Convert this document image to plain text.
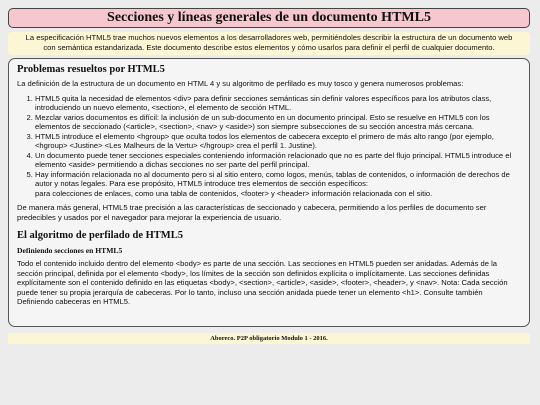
Secciones y líneas generales de un documento HTML5
La especificación HTML5 trae muchos nuevos elementos a los desarrolladores web, permitiéndoles describir la estructura de un documento web con semántica estandarizada. Este documento describe estos elementos y cómo usarlos para definir el perfil de cualquier documento.
Problemas resueltos por HTML5

La definición de la estructura de un documento en HTML 4 y su algoritmo de perfilado es muy tosco y genera numerosos problemas:

1. HTML5 quita la necesidad de elementos <div> para definir secciones semánticas sin definir valores específicos para los atributos class, introduciendo un nuevo elemento, <section>, el elemento de sección HTML.
2. Mezclar varios documentos es difícil: la inclusión de un sub-documento en un documento principal. Esto se resuelve en HTML5 con los elementos de seccionado (<article>, <section>, <nav> y <aside>) son siempre subsecciones de su sección ancestra más cercana.
3. HTML5 introduce el elemento <hgroup> que oculta todos los elementos de cabecera excepto el primero de más alto rango (por ejemplo, <hgroup> <Justine> <Les Malheurs de la Vertu> </hgroup> crea el perfil 1. Justine).
4. Un documento puede tener secciones especiales conteniendo información relacionado que no es parte del flujo principal. HTML5 introduce el elemento <aside> permitiendo a dichas secciones no ser parte del perfil principal.
5. Hay información relacionada no al documento pero si al sitio entero, como logos, menús, tablas de contenidos, o información de derechos de autor y notas legales. Para ese propósito, HTML5 introduce tres elementos de sección específicos:
para colecciones de enlaces, como una tabla de contenidos, <footer> y <header> información relacionada con el sitio.

De manera más general, HTML5 trae precisión a las características de seccionado y cabecera, permitiendo a los perfiles de documento ser predecibles y usados por el navegador para mejorar la experiencia de usuario.

El algoritmo de perfilado de HTML5
Definiendo secciones en HTML5

Todo el contenido incluido dentro del elemento <body> es parte de una sección. Las secciones en HTML5 pueden ser anidadas. Además de la sección principal, definida por el elemento <body>, los límites de la sección son definidos explícita o implícitamente. Las secciones definidas explícitamente son el contenido definido en las etiquetas <body>, <section>, <article>, <aside>, <footer>, <header>, y <nav>. Nota: Cada sección puede tener su propia jerarquía de cabeceras. Por lo tanto, incluso una sección anidada puede tener un elemento <h1>. Consulte también Definiendo cabeceras en HTML5.

Aboreco. P2P obligatorio Modulo 1 - 2016.
